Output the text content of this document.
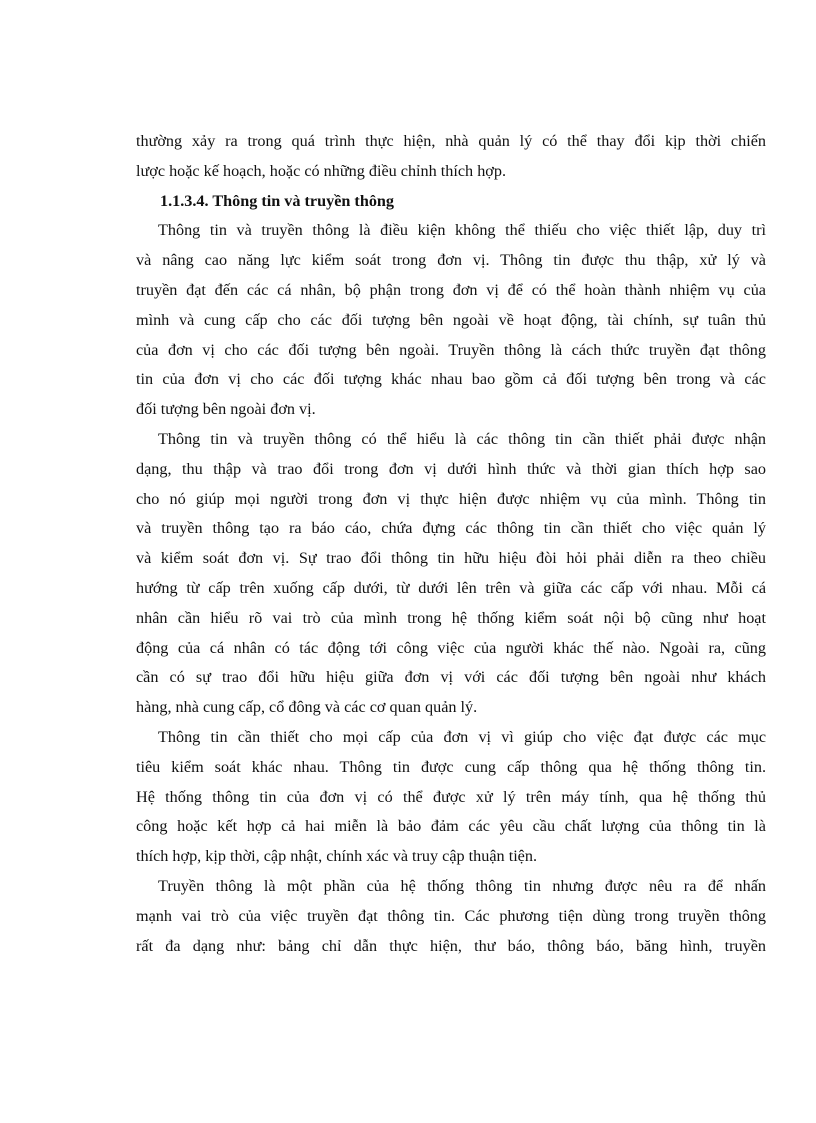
thường xảy ra trong quá trình thực hiện, nhà quản lý có thể thay đổi kịp thời chiến
lược hoặc kế hoạch, hoặc có những điều chỉnh thích hợp.
1.1.3.4. Thông tin và truyền thông
Thông tin và truyền thông là điều kiện không thể thiếu cho việc thiết lập, duy trì
và nâng cao năng lực kiểm soát trong đơn vị. Thông tin được thu thập, xử lý và
truyền đạt đến các cá nhân, bộ phận trong đơn vị để có thể hoàn thành nhiệm vụ của
mình và cung cấp cho các đối tượng bên ngoài về hoạt động, tài chính, sự tuân thủ
của đơn vị cho các đối tượng bên ngoài. Truyền thông là cách thức truyền đạt thông
tin của đơn vị cho các đối tượng khác nhau bao gồm cả đối tượng bên trong và các
đối tượng bên ngoài đơn vị.
Thông tin và truyền thông có thể hiểu là các thông tin cần thiết phải được nhận
dạng, thu thập và trao đổi trong đơn vị dưới hình thức và thời gian thích hợp sao
cho nó giúp mọi người trong đơn vị thực hiện được nhiệm vụ của mình. Thông tin
và truyền thông tạo ra báo cáo, chứa đựng các thông tin cần thiết cho việc quản lý
và kiểm soát đơn vị. Sự trao đổi thông tin hữu hiệu đòi hỏi phải diễn ra theo chiều
hướng từ cấp trên xuống cấp dưới, từ dưới lên trên và giữa các cấp với nhau. Mỗi cá
nhân cần hiểu rõ vai trò của mình trong hệ thống kiểm soát nội bộ cũng như hoạt
động của cá nhân có tác động tới công việc của người khác thế nào. Ngoài ra, cũng
cần có sự trao đổi hữu hiệu giữa đơn vị với các đối tượng bên ngoài như khách
hàng, nhà cung cấp, cổ đông và các cơ quan quản lý.
Thông tin cần thiết cho mọi cấp của đơn vị vì giúp cho việc đạt được các mục
tiêu kiểm soát khác nhau. Thông tin được cung cấp thông qua hệ thống thông tin.
Hệ thống thông tin của đơn vị có thể được xử lý trên máy tính, qua hệ thống thủ
công hoặc kết hợp cả hai miễn là bảo đảm các yêu cầu chất lượng của thông tin là
thích hợp, kịp thời, cập nhật, chính xác và truy cập thuận tiện.
Truyền thông là một phần của hệ thống thông tin nhưng được nêu ra để nhấn
mạnh vai trò của việc truyền đạt thông tin. Các phương tiện dùng trong truyền thông
rất đa dạng như: bảng chỉ dẫn thực hiện, thư báo, thông báo, băng hình, truyền
